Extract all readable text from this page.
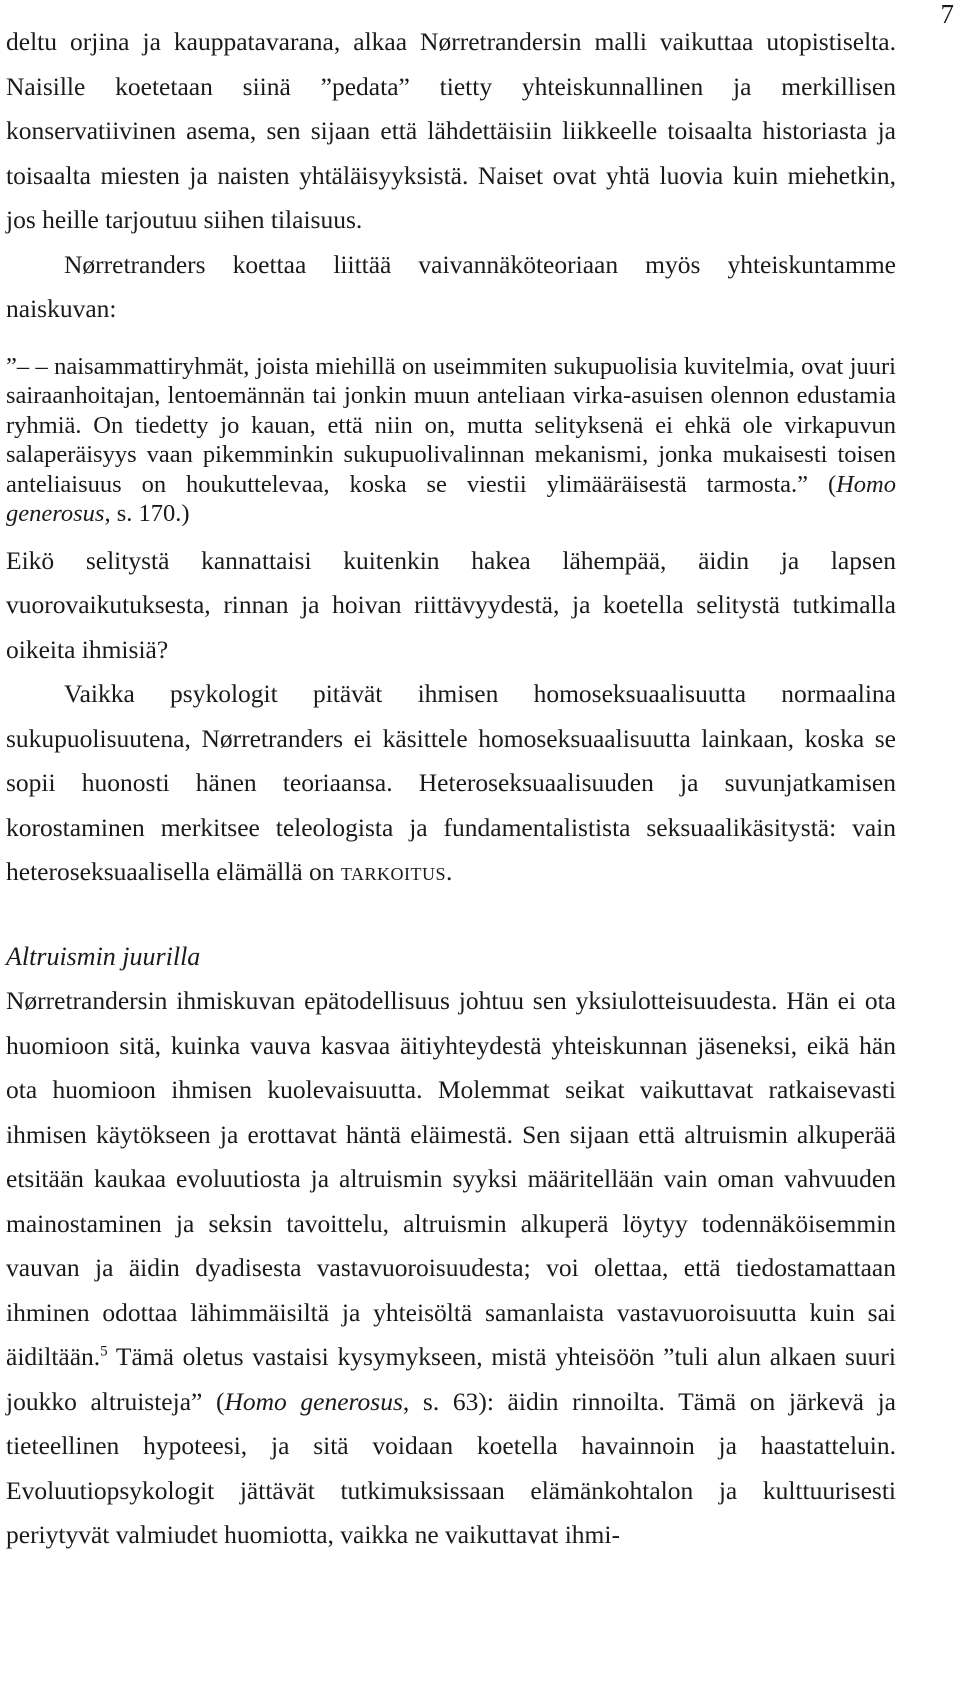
7

deltu orjina ja kauppatavarana, alkaa Nørretrandersin malli vaikuttaa utopistiselta. Naisille koetetaan siinä ”pedata” tietty yhteiskunnallinen ja merkillisen konservatiivinen asema, sen sijaan että lähdettäisiin liikkeelle toisaalta historiasta ja toisaalta miesten ja naisten yhtäläisyyksistä. Naiset ovat yhtä luovia kuin miehetkin, jos heille tarjoutuu siihen tilaisuus.

Nørretranders koettaa liittää vaivannäköteoriaan myös yhteiskuntamme naiskuvan:

”– – naisammattiryhmät, joista miehillä on useimmiten sukupuolisia kuvitelmia, ovat juuri sairaanhoitajan, lentoemännän tai jonkin muun anteliaan virka-asuisen olennon edustamia ryhmiä. On tiedetty jo kauan, että niin on, mutta selityksenä ei ehkä ole virkapuvun salaperäisyys vaan pikemminkin sukupuolivalinnan mekanismi, jonka mukaisesti toisen anteliaisuus on houkuttelevaa, koska se viestii ylimääräisestä tarmosta.” (Homo generosus, s. 170.)

Eikö selitystä kannattaisi kuitenkin hakea lähempää, äidin ja lapsen vuorovaikutuksesta, rinnan ja hoivan riittävyydestä, ja koetella selitystä tutkimalla oikeita ihmisiä?

Vaikka psykologit pitävät ihmisen homoseksuaalisuutta normaalina sukupuolisuutena, Nørretranders ei käsittele homoseksuaalisuutta lainkaan, koska se sopii huonosti hänen teoriaansa. Heteroseksuaalisuuden ja suvunjatkamisen korostaminen merkitsee teleologista ja fundamentalistista seksuaalikäsitystä: vain heteroseksuaalisella elämällä on tarkoitus.

Altruismin juurilla

Nørretrandersin ihmiskuvan epätodellisuus johtuu sen yksiulotteisuudesta. Hän ei ota huomioon sitä, kuinka vauva kasvaa äitiyhteydestä yhteiskunnan jäseneksi, eikä hän ota huomioon ihmisen kuolevaisuutta. Molemmat seikat vaikuttavat ratkaisevasti ihmisen käytökseen ja erottavat häntä eläimestä. Sen sijaan että altruismin alkuperää etsitään kaukaa evoluutiosta ja altruismin syyksi määritellään vain oman vahvuuden mainostaminen ja seksin tavoittelu, altruismin alkuperä löytyy todennäköisemmin vauvan ja äidin dyadisesta vastavuoroisuudesta; voi olettaa, että tiedostamattaan ihminen odottaa lähimmäisiltä ja yhteisöltä samanlaista vastavuoroisuutta kuin sai äidiltään.$^5$ Tämä oletus vastaisi kysymykseen, mistä yhteisöön ”tuli alun alkaen suuri joukko altruisteja” (Homo generosus, s. 63): äidin rinnoilta. Tämä on järkevä ja tieteellinen hypoteesi, ja sitä voidaan koetella havainnoin ja haastatteluin. Evoluutiopsykologit jättävät tutkimuksissaan elämänkohtalon ja kulttuurisesti periytyvät valmiudet huomiotta, vaikka ne vaikuttavat ihmi-
